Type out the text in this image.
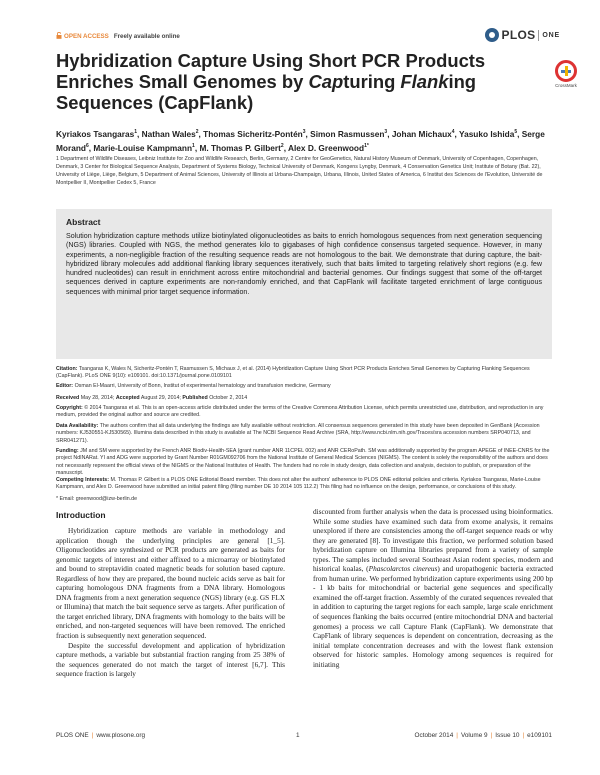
OPEN ACCESS Freely available online	PLOS ONE
Hybridization Capture Using Short PCR Products Enriches Small Genomes by Capturing Flanking Sequences (CapFlank)
CrossMark
Kyriakos Tsangaras$^1$, Nathan Wales$^2$, Thomas Sicheritz-Pontén$^3$, Simon Rasmussen$^3$, Johan Michaux$^4$, Yasuko Ishida$^5$, Serge Morand$^6$, Marie-Louise Kampmann$^1$, M. Thomas P. Gilbert$^2$, Alex D. Greenwood$^{1*}$
1 Department of Wildlife Diseases, Leibniz Institute for Zoo and Wildlife Research, Berlin, Germany, 2 Centre for GeoGenetics, Natural History Museum of Denmark, University of Copenhagen, Copenhagen, Denmark, 3 Center for Biological Sequence Analysis, Department of Systems Biology, Technical University of Denmark, Kongens Lyngby, Denmark, 4 Conservation Genetics Unit; Institute of Botany (Bat. 22), University of Liège, Liège, Belgium, 5 Department of Animal Sciences, University of Illinois at Urbana-Champaign, Urbana, Illinois, United States of America, 6 Institut des Sciences de l'Evolution, Université de Montpellier II, Montpellier Cedex 5, France
Abstract

Solution hybridization capture methods utilize biotinylated oligonucleotides as baits to enrich homologous sequences from next generation sequencing (NGS) libraries. Coupled with NGS, the method generates kilo to gigabases of high confidence consensus targeted sequence. However, in many experiments, a non-negligible fraction of the resulting sequence reads are not homologous to the bait. We demonstrate that during capture, the bait-hybridized library molecules add additional flanking library sequences iteratively, such that baits limited to targeting relatively short regions (e.g. few hundred nucleotides) can result in enrichment across entire mitochondrial and bacterial genomes. Our findings suggest that some of the off-target sequences derived in capture experiments are non-randomly enriched, and that CapFlank will facilitate targeted enrichment of large contiguous sequences with minimal prior target sequence information.

Citation: Tsangaras K, Wales N, Sicheritz-Pontén T, Rasmussen S, Michaux J, et al. (2014) Hybridization Capture Using Short PCR Products Enriches Small Genomes by Capturing Flanking Sequences (CapFlank). PLoS ONE 9(10): e109101. doi:10.1371/journal.pone.0109101
Editor: Osman El-Maarri, University of Bonn, Institut of experimental hematology and transfusion medicine, Germany
Received May 28, 2014; Accepted August 29, 2014; Published October 2, 2014
Copyright: © 2014 Tsangaras et al. This is an open-access article distributed under the terms of the Creative Commons Attribution License, which permits unrestricted use, distribution, and reproduction in any medium, provided the original author and source are credited.
Data Availability: The authors confirm that all data underlying the findings are fully available without restriction. All consensus sequences generated in this study have been deposited in GenBank (Accession numbers: KJ530551-KJ530565). Illumina data described in this study is available at The NCBI Sequence Read Archive (SRA, http://www.ncbi.nlm.nih.gov/Traces/sra accession numbers SRP040713, and SRR041271).
Funding: JM and SM were supported by the French ANR Biodiv-Health-SEA (grant number ANR 11CPEL 002) and ANR CERoPath. SM was additionally supported by the program APEGE of INEE-CNRS for the project NdINARat. YI and ADG were supported by Grant Number R01GM092706 from the National Institute of General Medical Sciences (NIGMS). The content is solely the responsibility of the authors and does not necessarily represent the official views of the NIGMS or the National Institutes of Health. The funders had no role in study design, data collection and analysis, decision to publish, or preparation of the manuscript.
Competing Interests: M. Thomas P. Gilbert is a PLOS ONE Editorial Board member. This does not alter the authors' adherence to PLOS ONE editorial policies and criteria. Kyriakos Tsangaras, Marie-Louise Kampmann, and Alex D. Greenwood have submitted an initial patent filing (filing number DE 10 2014 105 112.2) This filing had no influence on the design, performance, or conclusions of this study.
* Email: greenwood@izw-berlin.de
Introduction

Hybridization capture methods are variable in methodology and application though the underlying principles are general [1_5]. Oligonucleotides are synthesized or PCR products are generated as baits for genomic targets of interest and either affixed to a microarray or biotinylated and bound to streptavidin coated magnetic beads for solution based capture. Regardless of how they are prepared, the bound nucleic acids serve as bait for capturing homologous DNA fragments from a DNA library. Homologous DNA fragments from a next generation sequence (NGS) library (e.g. GS FLX or Illumina) that match the bait sequence serve as targets. After purification of the target enriched library, DNA fragments with homology to the baits will be enriched, and non-targeted sequences will have been removed. The enriched fraction is subsequently next generation sequenced.

Despite the successful development and application of hybridization capture methods, a variable but substantial fraction ranging from 25 38% of the sequences generated do not match the target of interest [6,7]. This sequence fraction is largely

discounted from further analysis when the data is processed using bioinformatics. While some studies have examined such data from exome analysis, it remains unexplored if there are consistencies among the off-target sequence reads or why they are generated [8]. To investigate this fraction, we performed solution based hybridization capture on Illumina libraries prepared from a variety of sample types. The samples included several Southeast Asian rodent species, modern and historical koalas, (Phascolarctos cinereus) and uropathogenic bacteria extracted from human urine. We performed hybridization capture experiments using 200 bp - 1 kb baits for mitochondrial or bacterial gene sequences and specifically examined the off-target fraction. Assembly of the curated sequences revealed that in addition to capturing the target regions for each sample, large scale enrichment of sequences flanking the baits occurred (entire mitochondrial DNA and bacterial genomes) a process we call Capture Flank (CapFlank). We demonstrate that CapFlank of library sequences is dependent on concentration, decreasing as the initial template concentration decreases and with the lowest flank extension observed for historic samples. Homology among sequences is required for initiating

PLOS ONE | www.plosone.org	1	October 2014 | Volume 9 | Issue 10 | e109101
